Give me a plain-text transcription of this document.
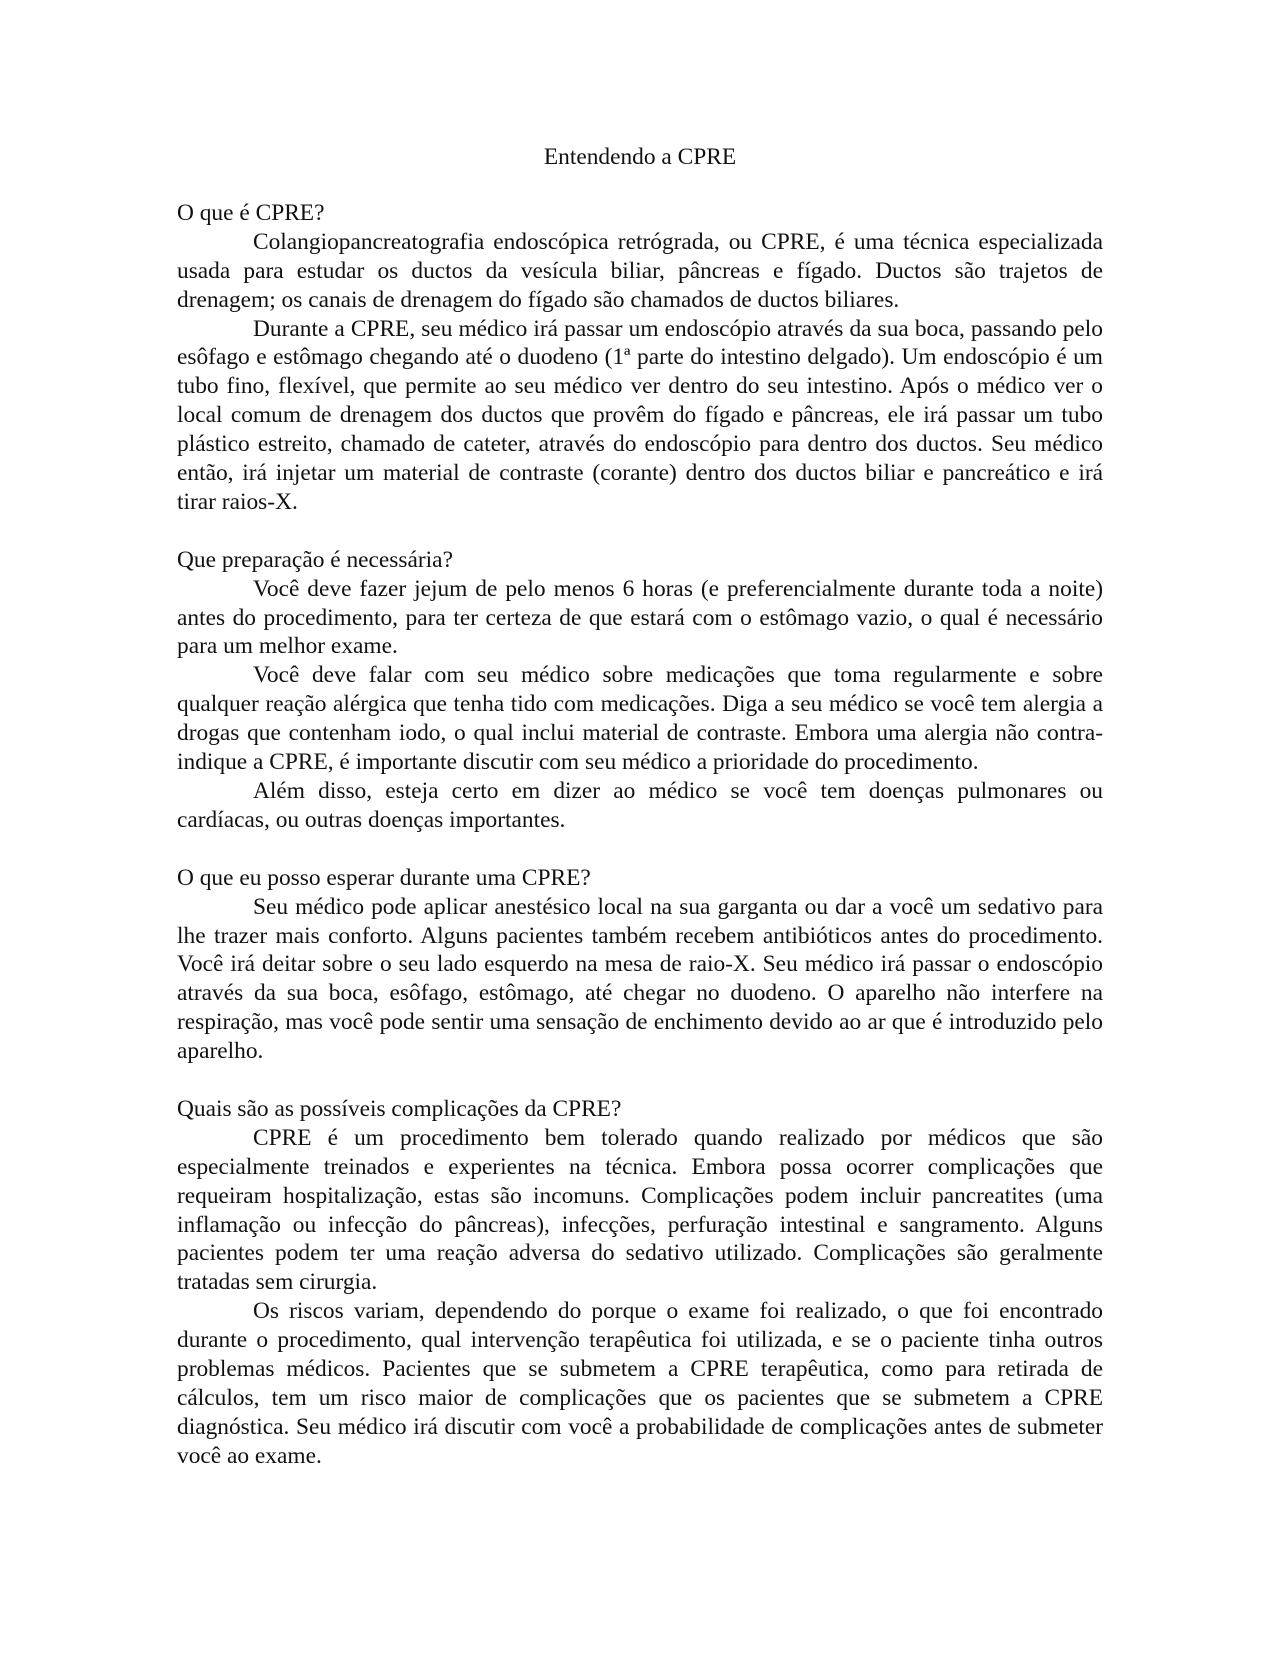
Entendendo a CPRE

O que é CPRE?

Colangiopancreatografia endoscópica retrógrada, ou CPRE, é uma técnica especializada usada para estudar os ductos da vesícula biliar, pâncreas e fígado. Ductos são trajetos de drenagem; os canais de drenagem do fígado são chamados de ductos biliares.

Durante a CPRE, seu médico irá passar um endoscópio através da sua boca, passando pelo esôfago e estômago chegando até o duodeno (1ª parte do intestino delgado). Um endoscópio é um tubo fino, flexível, que permite ao seu médico ver dentro do seu intestino. Após o médico ver o local comum de drenagem dos ductos que provêm do fígado e pâncreas, ele irá passar um tubo plástico estreito, chamado de cateter, através do endoscópio para dentro dos ductos. Seu médico então, irá injetar um material de contraste (corante) dentro dos ductos biliar e pancreático e irá tirar raios-X.

Que preparação é necessária?

Você deve fazer jejum de pelo menos 6 horas (e preferencialmente durante toda a noite) antes do procedimento, para ter certeza de que estará com o estômago vazio, o qual é necessário para um melhor exame.

Você deve falar com seu médico sobre medicações que toma regularmente e sobre qualquer reação alérgica que tenha tido com medicações. Diga a seu médico se você tem alergia a drogas que contenham iodo, o qual inclui material de contraste. Embora uma alergia não contra-indique a CPRE, é importante discutir com seu médico a prioridade do procedimento.

Além disso, esteja certo em dizer ao médico se você tem doenças pulmonares ou cardíacas, ou outras doenças importantes.

O que eu posso esperar durante uma CPRE?

Seu médico pode aplicar anestésico local na sua garganta ou dar a você um sedativo para lhe trazer mais conforto. Alguns pacientes também recebem antibióticos antes do procedimento. Você irá deitar sobre o seu lado esquerdo na mesa de raio-X. Seu médico irá passar o endoscópio através da sua boca, esôfago, estômago, até chegar no duodeno. O aparelho não interfere na respiração, mas você pode sentir uma sensação de enchimento devido ao ar que é introduzido pelo aparelho.

Quais são as possíveis complicações da CPRE?

CPRE é um procedimento bem tolerado quando realizado por médicos que são especialmente treinados e experientes na técnica. Embora possa ocorrer complicações que requeiram hospitalização, estas são incomuns. Complicações podem incluir pancreatites (uma inflamação ou infecção do pâncreas), infecções, perfuração intestinal e sangramento. Alguns pacientes podem ter uma reação adversa do sedativo utilizado. Complicações são geralmente tratadas sem cirurgia.

Os riscos variam, dependendo do porque o exame foi realizado, o que foi encontrado durante o procedimento, qual intervenção terapêutica foi utilizada, e se o paciente tinha outros problemas médicos. Pacientes que se submetem a CPRE terapêutica, como para retirada de cálculos, tem um risco maior de complicações que os pacientes que se submetem a CPRE diagnóstica. Seu médico irá discutir com você a probabilidade de complicações antes de submeter você ao exame.
